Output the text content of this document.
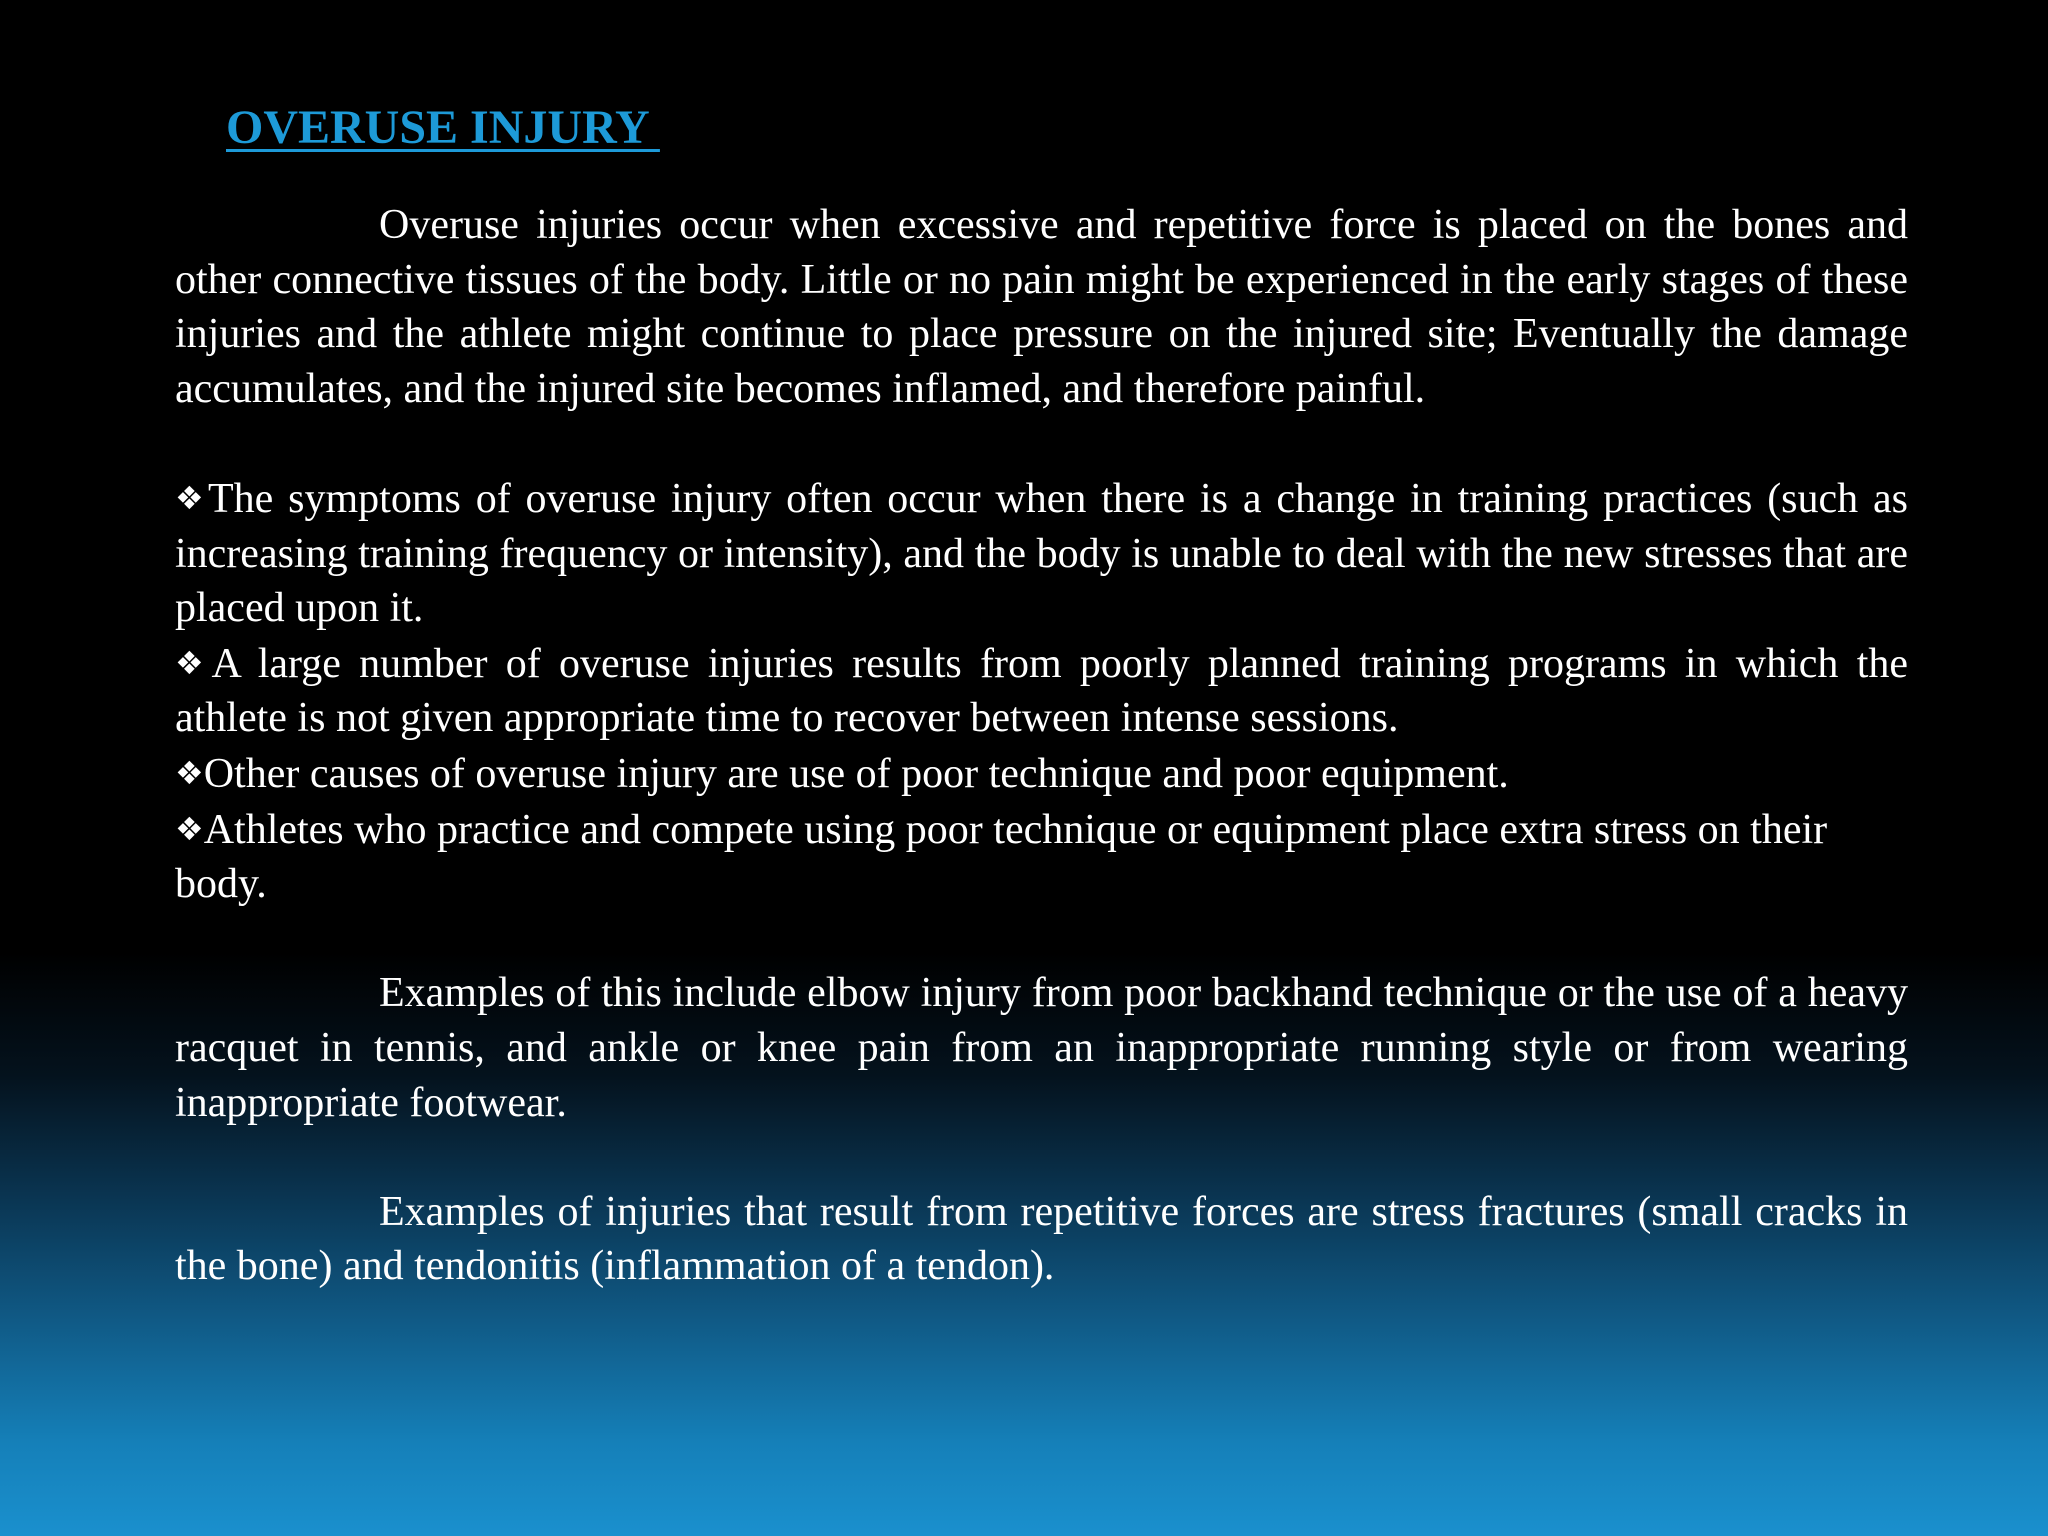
OVERUSE INJURY

Overuse injuries occur when excessive and repetitive force is placed on the bones and other connective tissues of the body. Little or no pain might be experienced in the early stages of these injuries and the athlete might continue to place pressure on the injured site; Eventually the damage accumulates, and the injured site becomes inflamed, and therefore painful.

❖The symptoms of overuse injury often occur when there is a change in training practices (such as increasing training frequency or intensity), and the body is unable to deal with the new stresses that are placed upon it.

❖A large number of overuse injuries results from poorly planned training programs in which the athlete is not given appropriate time to recover between intense sessions.

❖Other causes of overuse injury are use of poor technique and poor equipment.

❖Athletes who practice and compete using poor technique or equipment place extra stress on their body.

Examples of this include elbow injury from poor backhand technique or the use of a heavy racquet in tennis, and ankle or knee pain from an inappropriate running style or from wearing inappropriate footwear.

Examples of injuries that result from repetitive forces are stress fractures (small cracks in the bone) and tendonitis (inflammation of a tendon).
